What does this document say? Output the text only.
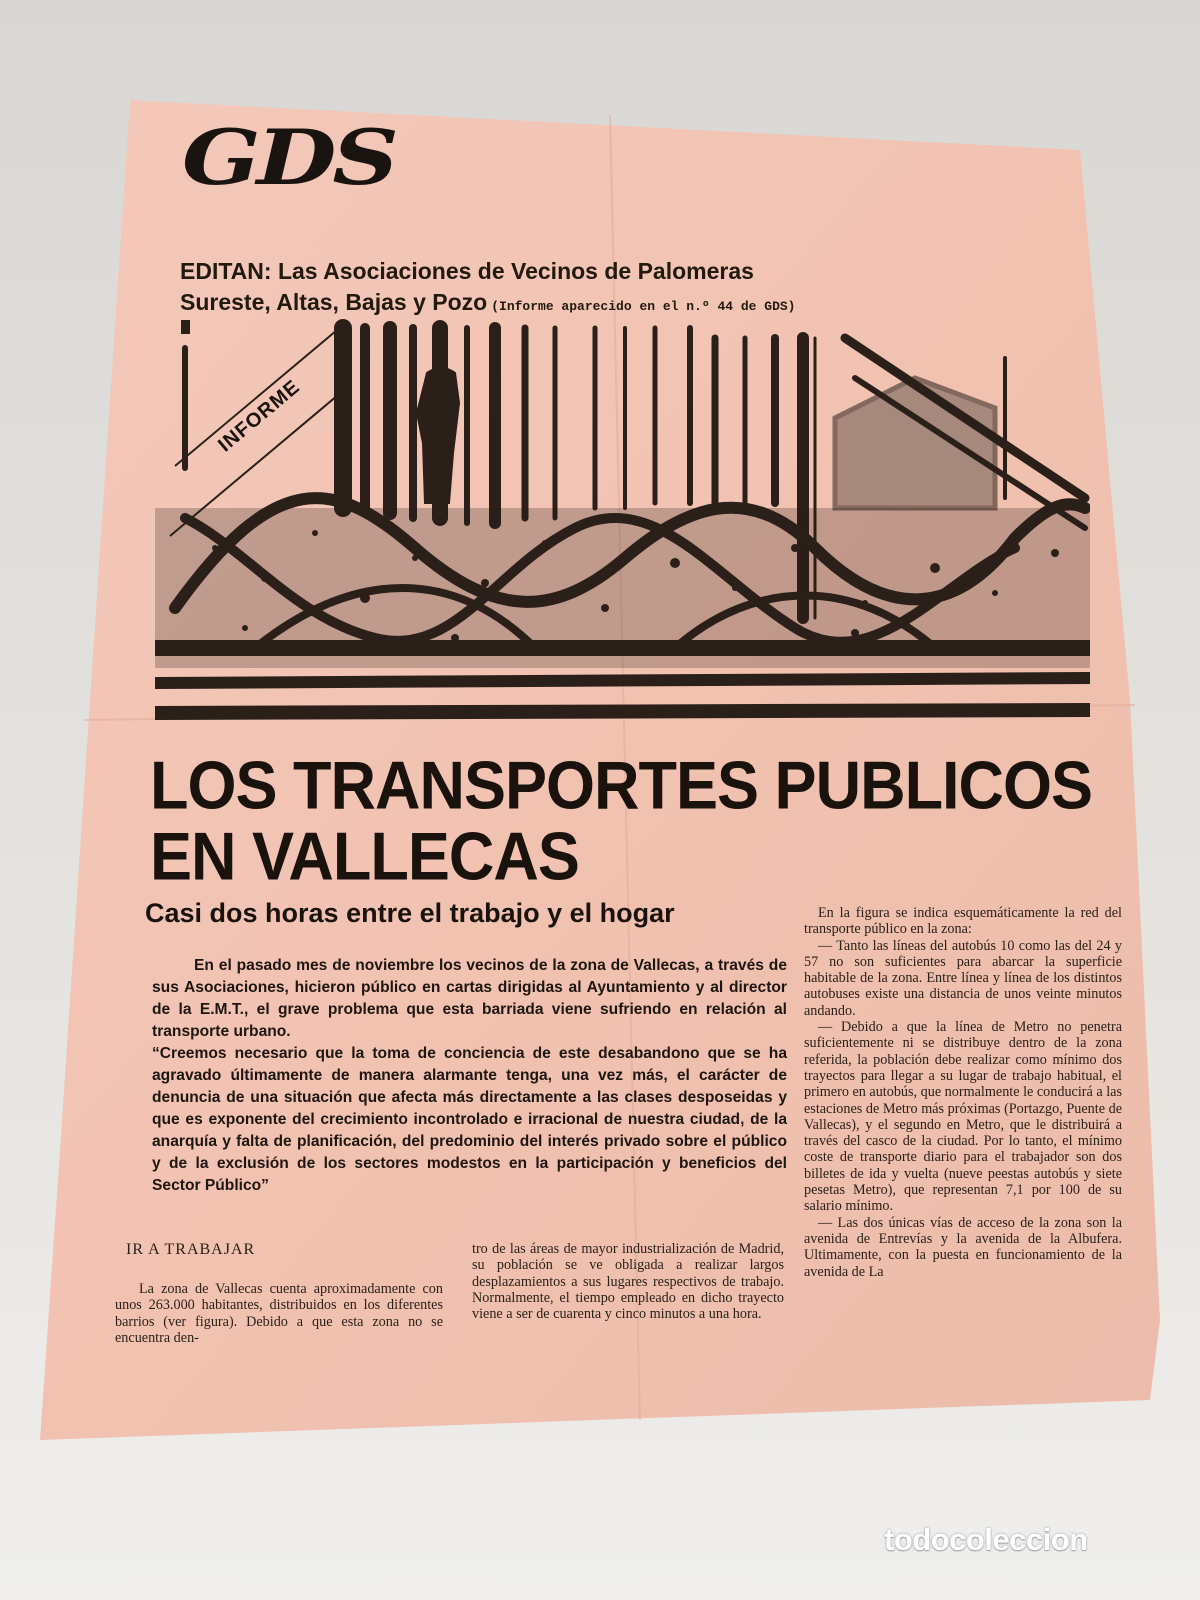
GDS
EDITAN: Las Asociaciones de Vecinos de Palomeras
Sureste, Altas, Bajas y Pozo (Informe aparecido en el n.º 44 de GDS)
INFORME
LOS TRANSPORTES PUBLICOS
EN VALLECAS
Casi dos horas entre el trabajo y el hogar

En el pasado mes de noviembre los vecinos de la zona de Vallecas, a través de sus Asociaciones, hicieron público en cartas dirigidas al Ayuntamiento y al director de la E.M.T., el grave problema que esta barriada viene sufriendo en relación al transporte urbano.

“Creemos necesario que la toma de conciencia de este desabandono que se ha agravado últimamente de manera alarmante tenga, una vez más, el carácter de denuncia de una situación que afecta más directamente a las clases desposeidas y que es exponente del crecimiento incontrolado e irracional de nuestra ciudad, de la anarquía y falta de planificación, del predominio del interés privado sobre el público y de la exclusión de los sectores modestos en la participación y beneficios del Sector Público”

IR A TRABAJAR

La zona de Vallecas cuenta aproximadamente con unos 263.000 habitantes, distribuidos en los diferentes barrios (ver figura). Debido a que esta zona no se encuentra den-

tro de las áreas de mayor industrialización de Madrid, su población se ve obligada a realizar largos desplazamientos a sus lugares respectivos de trabajo. Normalmente, el tiempo empleado en dicho trayecto viene a ser de cuarenta y cinco minutos a una hora.

En la figura se indica esquemáticamente la red del transporte público en la zona:

— Tanto las líneas del autobús 10 como las del 24 y 57 no son suficientes para abarcar la superficie habitable de la zona. Entre línea y línea de los distintos autobuses existe una distancia de unos veinte minutos andando.

— Debido a que la línea de Metro no penetra suficientemente ni se distribuye dentro de la zona referida, la población debe realizar como mínimo dos trayectos para llegar a su lugar de trabajo habitual, el primero en autobús, que normalmente le conducirá a las estaciones de Metro más próximas (Portazgo, Puente de Vallecas), y el segundo en Metro, que le distribuirá a través del casco de la ciudad. Por lo tanto, el mínimo coste de transporte diario para el trabajador son dos billetes de ida y vuelta (nueve peestas autobús y siete pesetas Metro), que representan 7,1 por 100 de su salario mínimo.

— Las dos únicas vías de acceso de la zona son la avenida de Entrevías y la avenida de la Albufera. Ultimamente, con la puesta en funcionamiento de la avenida de La

todocoleccion
